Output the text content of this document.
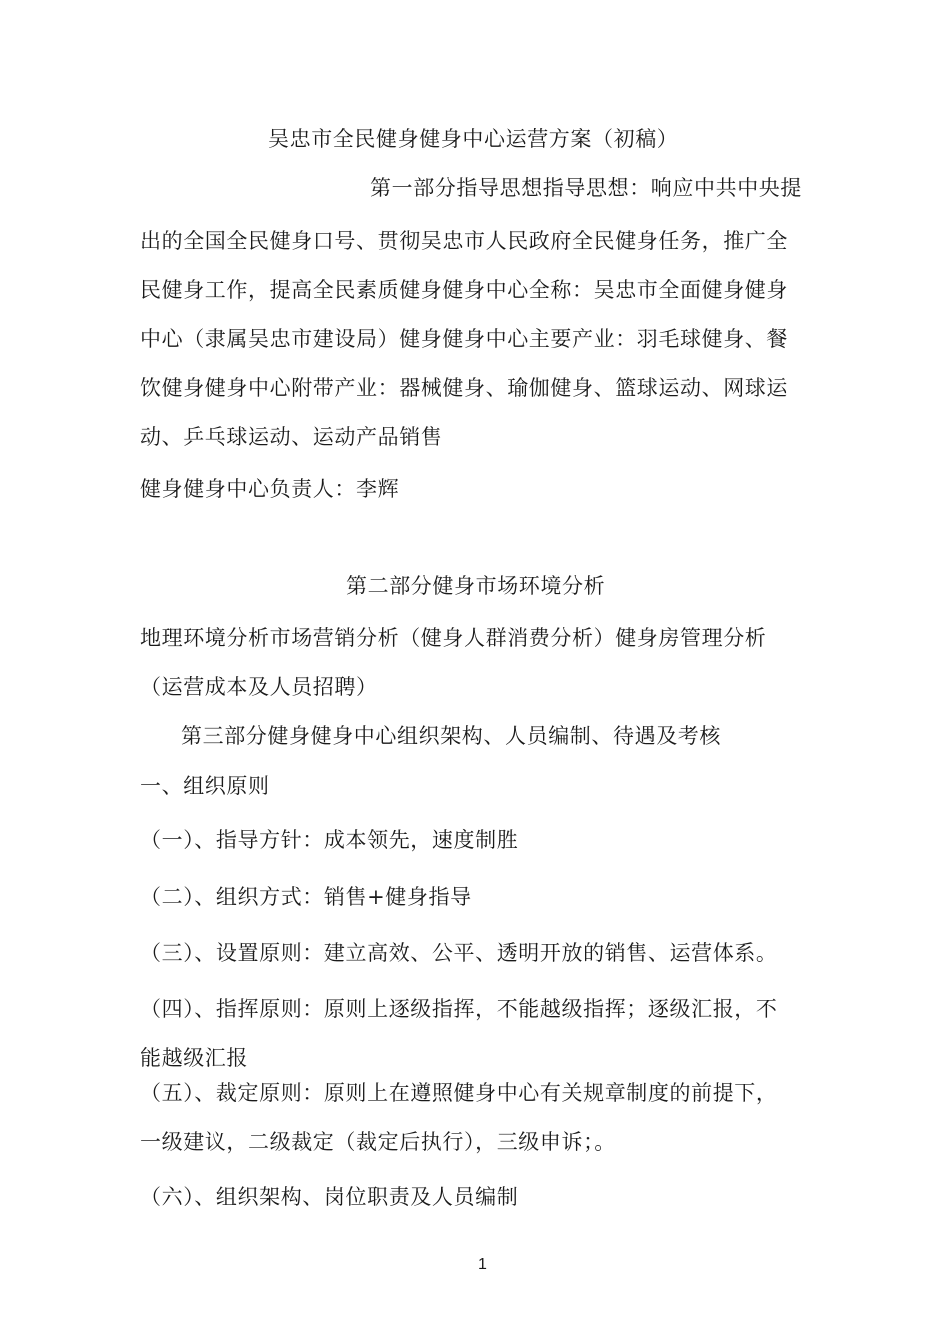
吴忠市全民健身健身中心运营方案（初稿）
第一部分指导思想指导思想：响应中共中央提
出的全国全民健身口号、贯彻吴忠市人民政府全民健身任务，推广全
民健身工作，提高全民素质健身健身中心全称：吴忠市全面健身健身
中心（隶属吴忠市建设局）健身健身中心主要产业：羽毛球健身、餐
饮健身健身中心附带产业：器械健身、瑜伽健身、篮球运动、网球运
动、乒乓球运动、运动产品销售
健身健身中心负责人：李辉
第二部分健身市场环境分析
地理环境分析市场营销分析（健身人群消费分析）健身房管理分析
（运营成本及人员招聘）
第三部分健身健身中心组织架构、人员编制、待遇及考核
一、组织原则
（一）、指导方针：成本领先，速度制胜
（二）、组织方式：销售+健身指导
（三）、设置原则：建立高效、公平、透明开放的销售、运营体系。
（四）、指挥原则：原则上逐级指挥，不能越级指挥；逐级汇报，不
能越级汇报
（五）、裁定原则：原则上在遵照健身中心有关规章制度的前提下，
一级建议，二级裁定（裁定后执行），三级申诉；。
（六）、组织架构、岗位职责及人员编制
1
